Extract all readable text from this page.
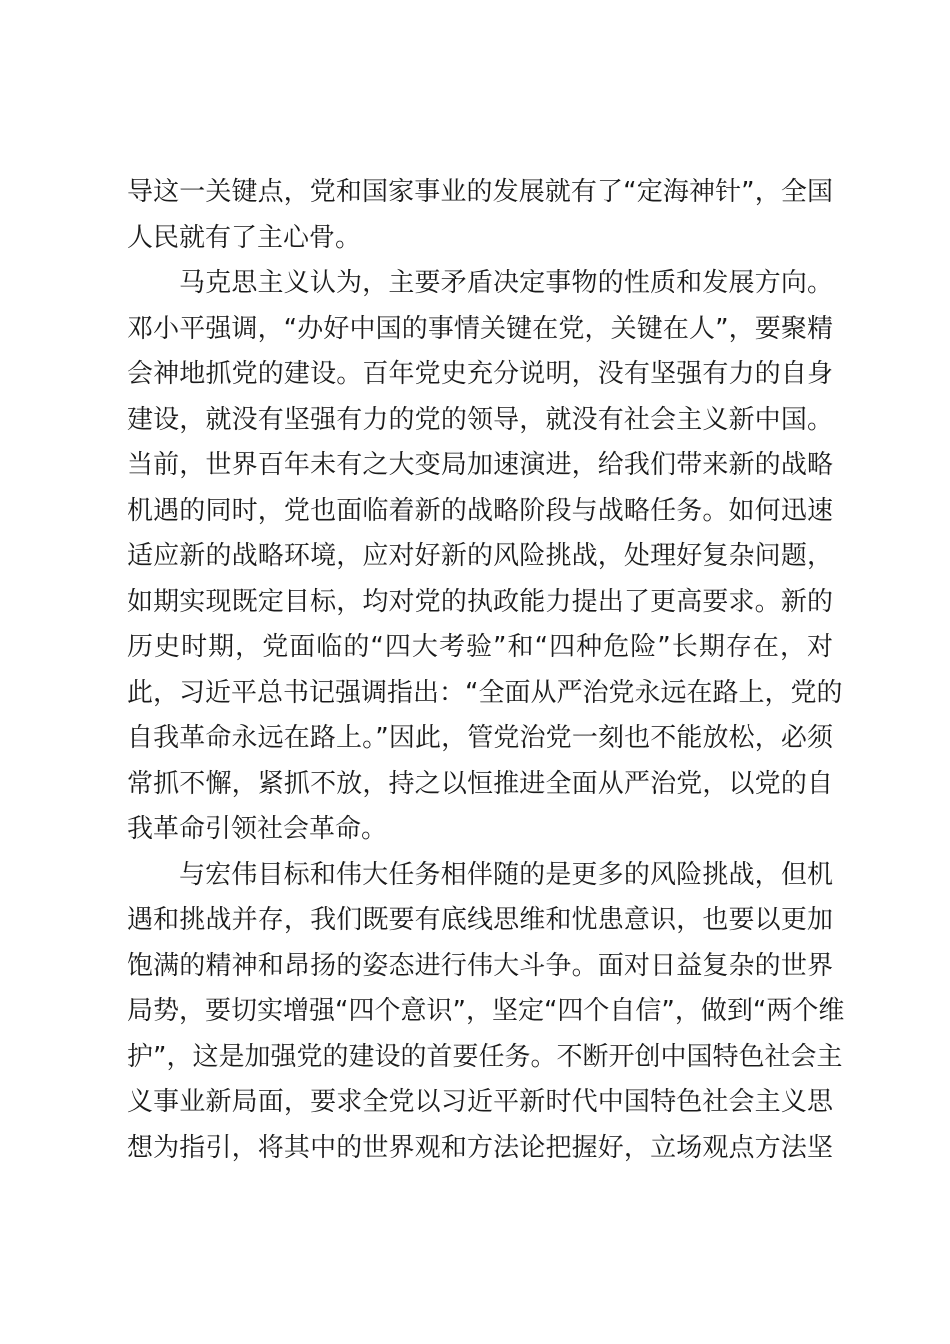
导这一关键点，党和国家事业的发展就有了“定海神针”，全国
人民就有了主心骨。
马克思主义认为，主要矛盾决定事物的性质和发展方向。
邓小平强调，“办好中国的事情关键在党，关键在人”，要聚精
会神地抓党的建设。百年党史充分说明，没有坚强有力的自身
建设，就没有坚强有力的党的领导，就没有社会主义新中国。
当前，世界百年未有之大变局加速演进，给我们带来新的战略
机遇的同时，党也面临着新的战略阶段与战略任务。如何迅速
适应新的战略环境，应对好新的风险挑战，处理好复杂问题，
如期实现既定目标，均对党的执政能力提出了更高要求。新的
历史时期，党面临的“四大考验”和“四种危险”长期存在，对
此，习近平总书记强调指出：“全面从严治党永远在路上，党的
自我革命永远在路上。”因此，管党治党一刻也不能放松，必须
常抓不懈，紧抓不放，持之以恒推进全面从严治党，以党的自
我革命引领社会革命。
与宏伟目标和伟大任务相伴随的是更多的风险挑战，但机
遇和挑战并存，我们既要有底线思维和忧患意识，也要以更加
饱满的精神和昂扬的姿态进行伟大斗争。面对日益复杂的世界
局势，要切实增强“四个意识”，坚定“四个自信”，做到“两个维
护”，这是加强党的建设的首要任务。不断开创中国特色社会主
义事业新局面，要求全党以习近平新时代中国特色社会主义思
想为指引，将其中的世界观和方法论把握好，立场观点方法坚
